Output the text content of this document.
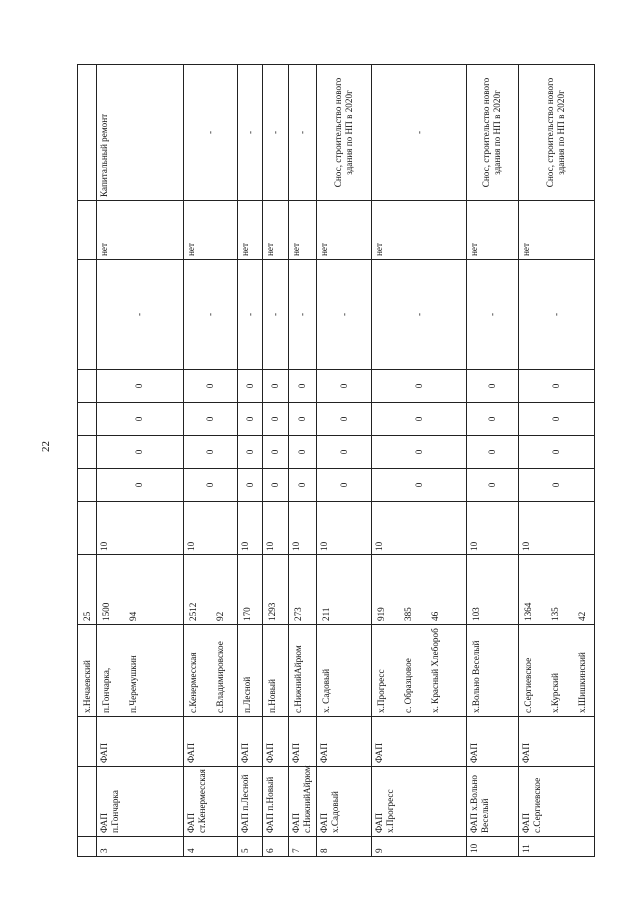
22

			х.Нечаевский	25								

3	ФАП п.Гончарка	ФАП	п.Гончарка, п.Черемушкин	1500 94	10	0	0	0	0	-	нет	Капитальный ремонт
4	ФАП ст.Кенермесская	ФАП	с.Кенермесская с.Владимировское	2512 92	10	0	0	0	0	-	нет	-
5	ФАП п.Лесной	ФАП	п.Лесной	170	10	0	0	0	0	-	нет	-
6	ФАП п.Новый	ФАП	п.Новый	1293	10	0	0	0	0	-	нет	-
7	ФАП с.НижнийАйрюм	ФАП	с.НижнийАйрюм	273	10	0	0	0	0	-	нет	-
8	ФАП х.Садовый	ФАП	х. Садовый	211	10	0	0	0	0	-	нет	Снос, строительство нового здания по НП в 2020г
9	ФАП х.Прогресс	ФАП	х.Прогресс с. Образцовое х. Красный Хлебороб	919 385 46	10	0	0	0	0	-	нет	-
10	ФАП х.Вольно Веселый	ФАП	х.Вольно Веселый	103	10	0	0	0	0	-	нет	Снос, строительство нового здания по НП в 2020г
11	ФАП с.Сергиевское	ФАП	с.Сергиевское х.Курский х.Шишкинский	1364 135 42	10	0	0	0	0	-	нет	Снос, строительство нового здания по НП в 2020г
